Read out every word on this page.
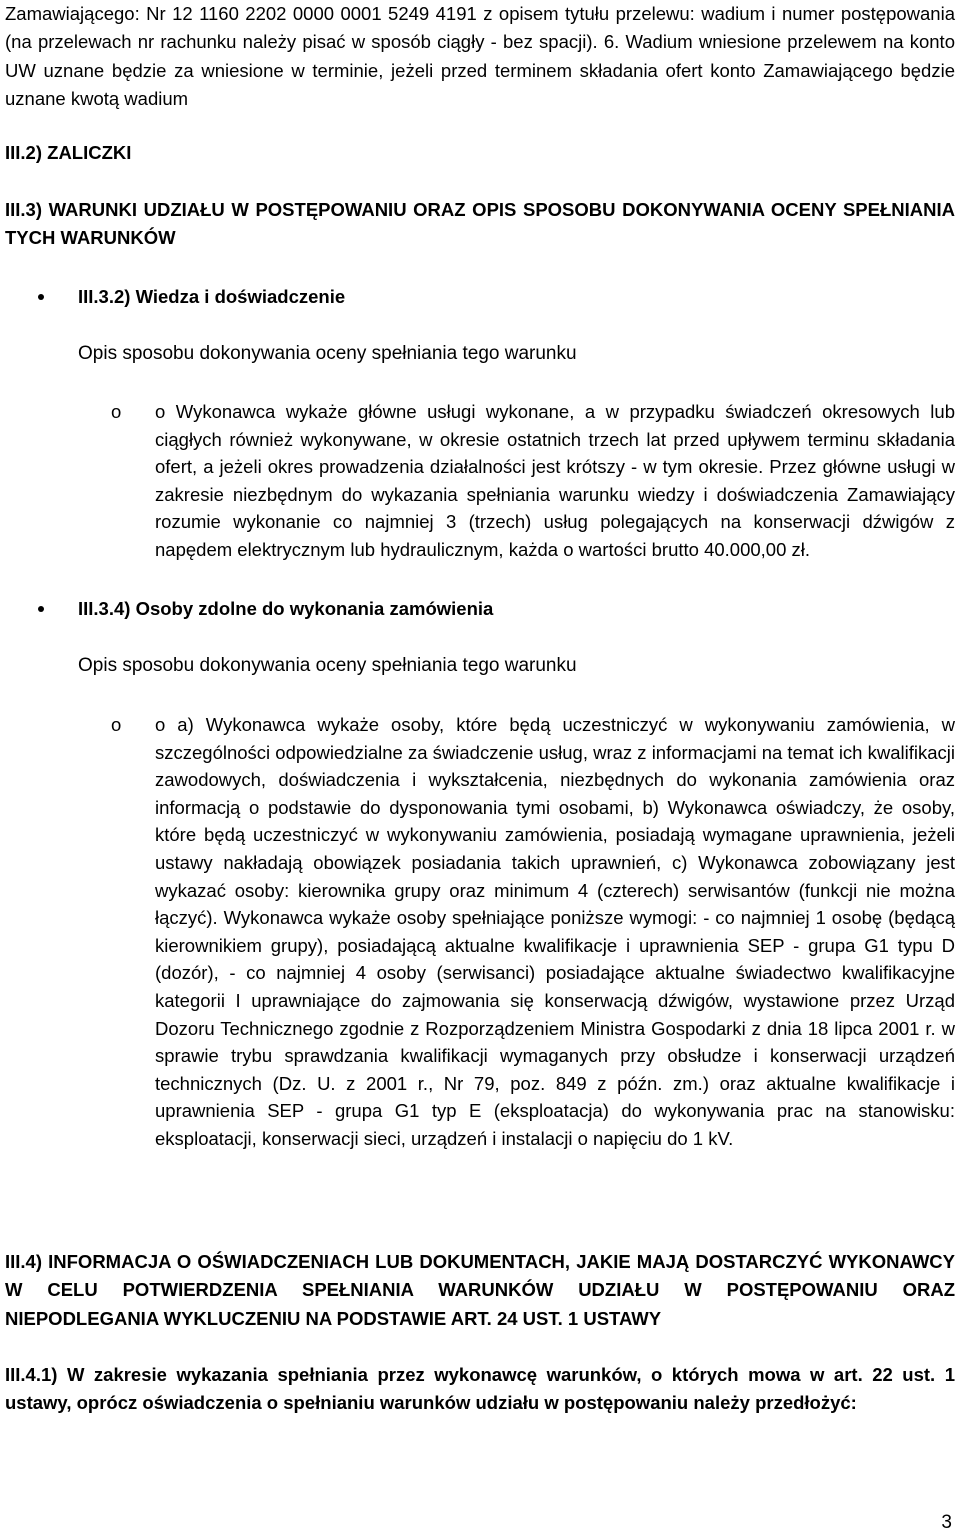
Zamawiającego: Nr 12 1160 2202 0000 0001 5249 4191 z opisem tytułu przelewu: wadium i numer postępowania (na przelewach nr rachunku należy pisać w sposób ciągły - bez spacji). 6. Wadium wniesione przelewem na konto UW uznane będzie za wniesione w terminie, jeżeli przed terminem składania ofert konto Zamawiającego będzie uznane kwotą wadium

III.2) ZALICZKI

III.3) WARUNKI UDZIAŁU W POSTĘPOWANIU ORAZ OPIS SPOSOBU DOKONYWANIA OCENY SPEŁNIANIA TYCH WARUNKÓW

III.3.2) Wiedza i doświadczenie

Opis sposobu dokonywania oceny spełniania tego warunku

o o Wykonawca wykaże główne usługi wykonane, a w przypadku świadczeń okresowych lub ciągłych również wykonywane, w okresie ostatnich trzech lat przed upływem terminu składania ofert, a jeżeli okres prowadzenia działalności jest krótszy - w tym okresie. Przez główne usługi w zakresie niezbędnym do wykazania spełniania warunku wiedzy i doświadczenia Zamawiający rozumie wykonanie co najmniej 3 (trzech) usług polegających na konserwacji dźwigów z napędem elektrycznym lub hydraulicznym, każda o wartości brutto 40.000,00 zł.

III.3.4) Osoby zdolne do wykonania zamówienia

Opis sposobu dokonywania oceny spełniania tego warunku

o o a) Wykonawca wykaże osoby, które będą uczestniczyć w wykonywaniu zamówienia, w szczególności odpowiedzialne za świadczenie usług, wraz z informacjami na temat ich kwalifikacji zawodowych, doświadczenia i wykształcenia, niezbędnych do wykonania zamówienia oraz informacją o podstawie do dysponowania tymi osobami, b) Wykonawca oświadczy, że osoby, które będą uczestniczyć w wykonywaniu zamówienia, posiadają wymagane uprawnienia, jeżeli ustawy nakładają obowiązek posiadania takich uprawnień, c) Wykonawca zobowiązany jest wykazać osoby: kierownika grupy oraz minimum 4 (czterech) serwisantów (funkcji nie można łączyć). Wykonawca wykaże osoby spełniające poniższe wymogi: - co najmniej 1 osobę (będącą kierownikiem grupy), posiadającą aktualne kwalifikacje i uprawnienia SEP - grupa G1 typu D (dozór), - co najmniej 4 osoby (serwisanci) posiadające aktualne świadectwo kwalifikacyjne kategorii I uprawniające do zajmowania się konserwacją dźwigów, wystawione przez Urząd Dozoru Technicznego zgodnie z Rozporządzeniem Ministra Gospodarki z dnia 18 lipca 2001 r. w sprawie trybu sprawdzania kwalifikacji wymaganych przy obsłudze i konserwacji urządzeń technicznych (Dz. U. z 2001 r., Nr 79, poz. 849 z późn. zm.) oraz aktualne kwalifikacje i uprawnienia SEP - grupa G1 typ E (eksploatacja) do wykonywania prac na stanowisku: eksploatacji, konserwacji sieci, urządzeń i instalacji o napięciu do 1 kV.

III.4) INFORMACJA O OŚWIADCZENIACH LUB DOKUMENTACH, JAKIE MAJĄ DOSTARCZYĆ WYKONAWCY W CELU POTWIERDZENIA SPEŁNIANIA WARUNKÓW UDZIAŁU W POSTĘPOWANIU ORAZ NIEPODLEGANIA WYKLUCZENIU NA PODSTAWIE ART. 24 UST. 1 USTAWY

III.4.1) W zakresie wykazania spełniania przez wykonawcę warunków, o których mowa w art. 22 ust. 1 ustawy, oprócz oświadczenia o spełnianiu warunków udziału w postępowaniu należy przedłożyć:

3
